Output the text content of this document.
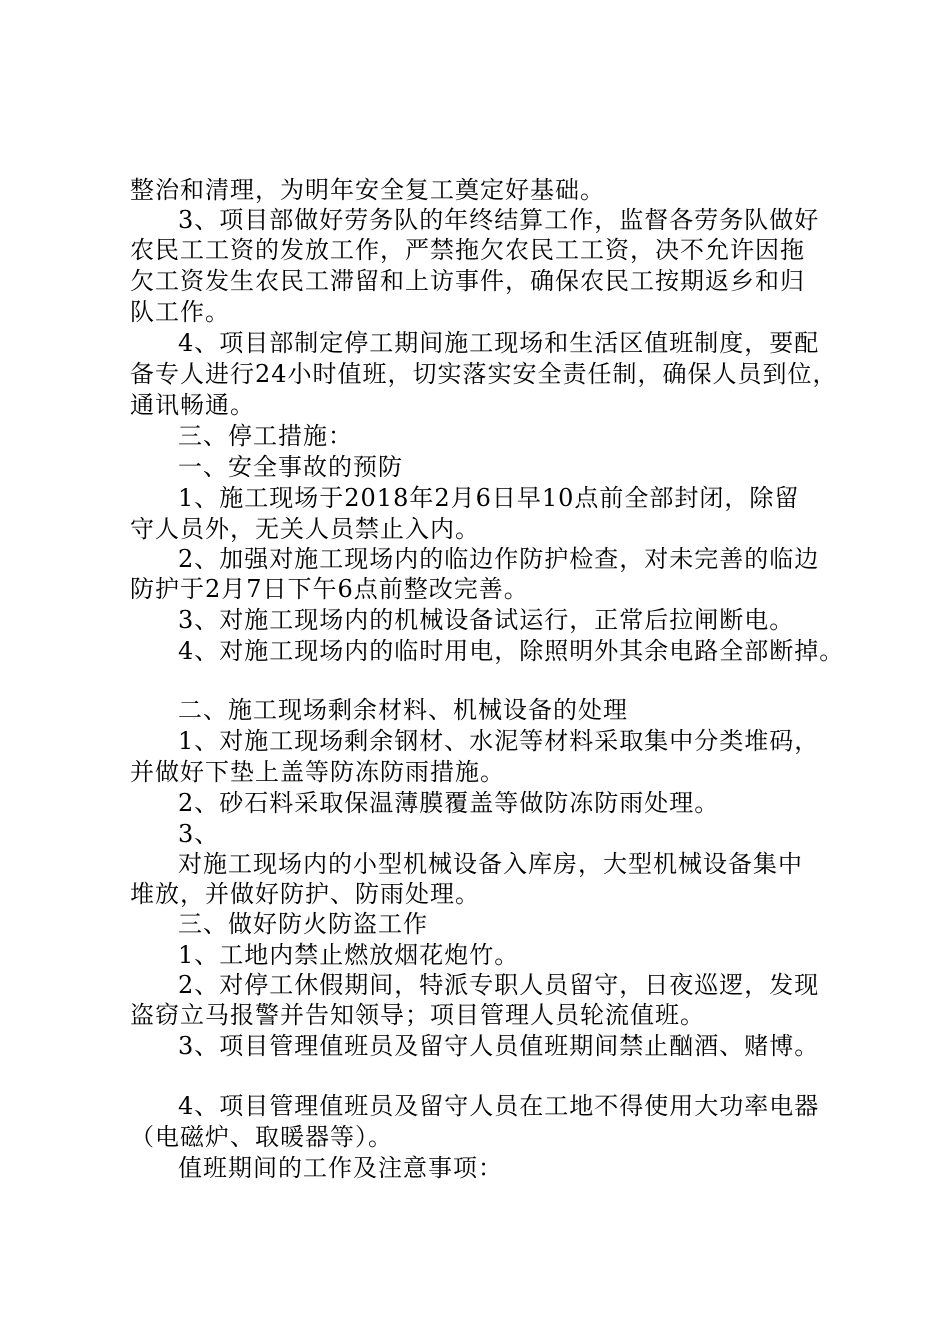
整治和清理，为明年安全复工奠定好基础。
3、项目部做好劳务队的年终结算工作，监督各劳务队做好
农民工工资的发放工作，严禁拖欠农民工工资，决不允许因拖
欠工资发生农民工滞留和上访事件，确保农民工按期返乡和归
队工作。
4、项目部制定停工期间施工现场和生活区值班制度，要配
备专人进行24小时值班，切实落实安全责任制，确保人员到位，
通讯畅通。
三、停工措施：
一、安全事故的预防
1、施工现场于2018年2月6日早10点前全部封闭，除留
守人员外，无关人员禁止入内。
2、加强对施工现场内的临边作防护检查，对未完善的临边
防护于2月7日下午6点前整改完善。
3、对施工现场内的机械设备试运行，正常后拉闸断电。
4、对施工现场内的临时用电，除照明外其余电路全部断掉。
二、施工现场剩余材料、机械设备的处理
1、对施工现场剩余钢材、水泥等材料采取集中分类堆码，
并做好下垫上盖等防冻防雨措施。
2、砂石料采取保温薄膜覆盖等做防冻防雨处理。
3、
对施工现场内的小型机械设备入库房，大型机械设备集中
堆放，并做好防护、防雨处理。
三、做好防火防盗工作
1、工地内禁止燃放烟花炮竹。
2、对停工休假期间，特派专职人员留守，日夜巡逻，发现
盗窃立马报警并告知领导；项目管理人员轮流值班。
3、项目管理值班员及留守人员值班期间禁止酗酒、赌博。
4、项目管理值班员及留守人员在工地不得使用大功率电器
（电磁炉、取暖器等）。
值班期间的工作及注意事项：
